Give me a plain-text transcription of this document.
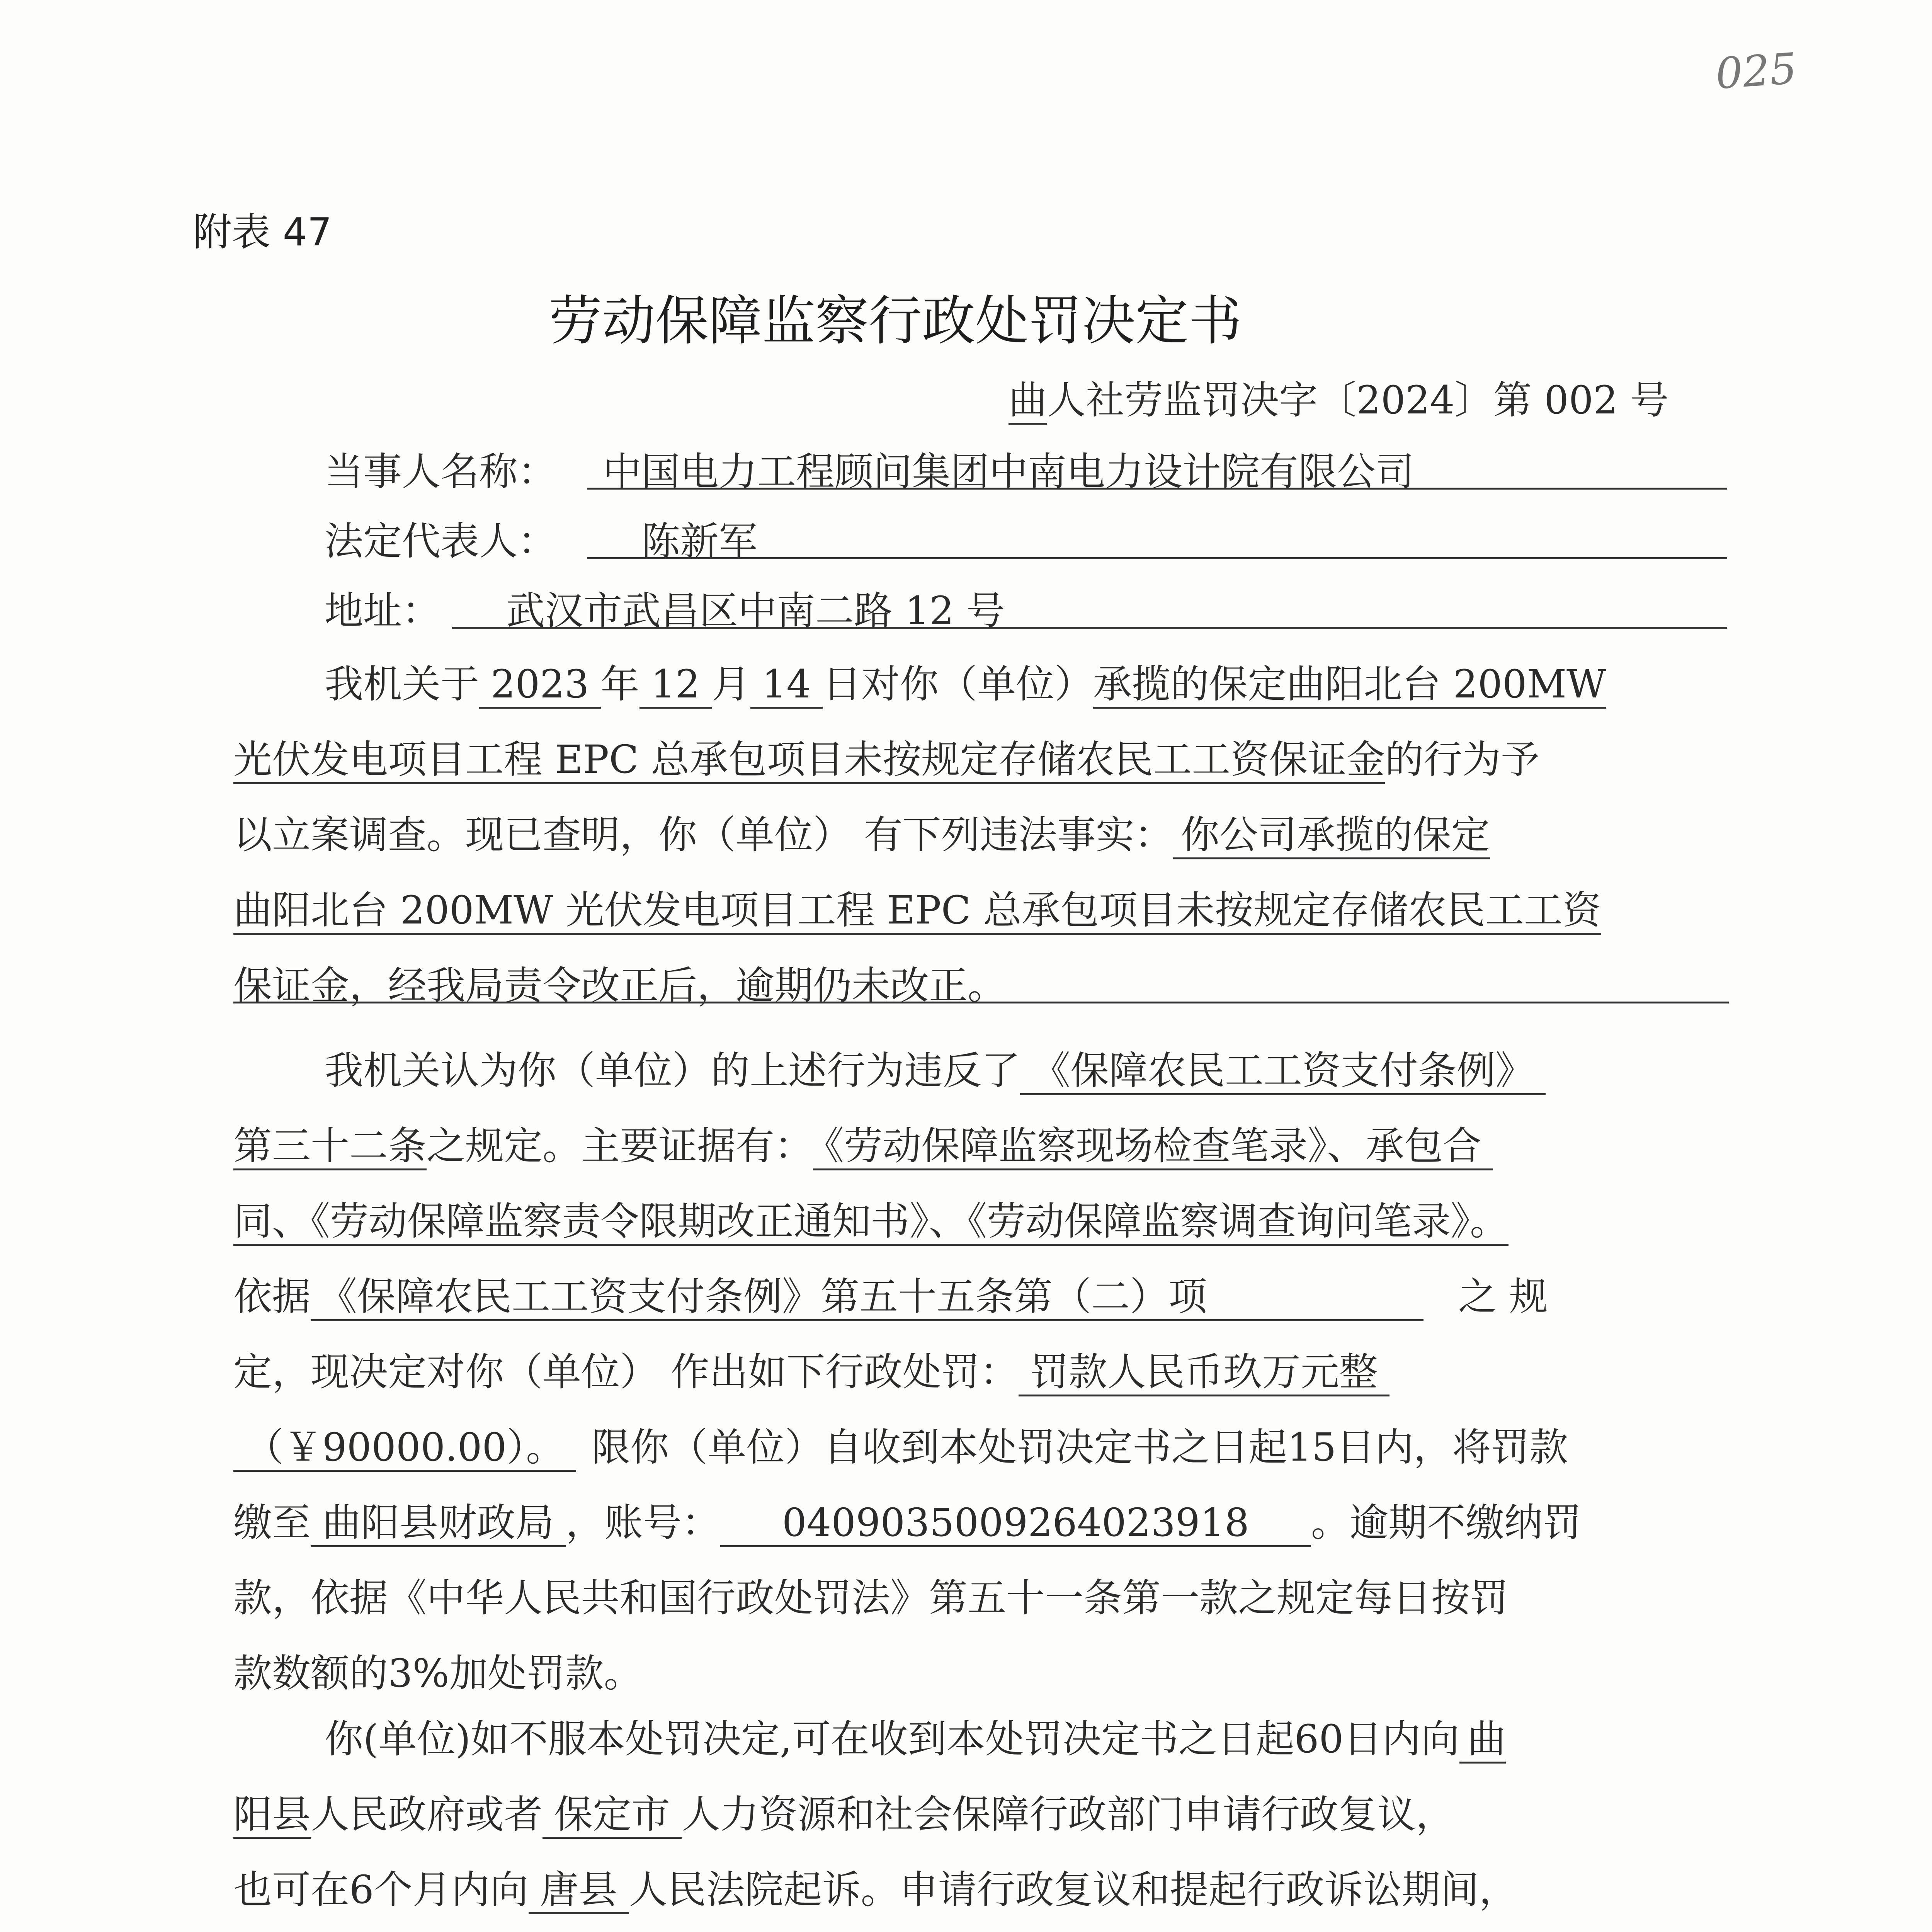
025
附表 47
劳动保障监察行政处罚决定书
曲人社劳监罚决字〔2024〕第 002 号
当事人名称： 中国电力工程顾问集团中南电力设计院有限公司
法定代表人： 陈新军
地址： 武汉市武昌区中南二路 12 号
我机关于 2023 年 12 月 14 日对你（单位）承揽的保定曲阳北台 200MW
光伏发电项目工程 EPC 总承包项目未按规定存储农民工工资保证金的行为予
以立案调查。现已查明，你（单位） 有下列违法事实： 你公司承揽的保定
曲阳北台 200MW 光伏发电项目工程 EPC 总承包项目未按规定存储农民工工资
保证金，经我局责令改正后，逾期仍未改正。
我机关认为你（单位）的上述行为违反了 《保障农民工工资支付条例》
第三十二条之规定。主要证据有： 《劳动保障监察现场检查笔录》、承包合
同、《劳动保障监察责令限期改正通知书》、《劳动保障监察调查询问笔录》。
依据 《保障农民工工资支付条例》第五十五条第（二）项	之 规
定，现决定对你（单位） 作出如下行政处罚： 罚款人民币玖万元整
（￥90000.00）。 限你（单位）自收到本处罚决定书之日起15日内，将罚款
缴至 曲阳县财政局 ，账号： 0409035009264023918 。逾期不缴纳罚
款，依据《中华人民共和国行政处罚法》第五十一条第一款之规定每日按罚
款数额的3%加处罚款。
你(单位)如不服本处罚决定,可在收到本处罚决定书之日起60日内向 曲
阳县人民政府或者 保定市 人力资源和社会保障行政部门申请行政复议，
也可在6个月内向 唐县 人民法院起诉。申请行政复议和提起行政诉讼期间，
